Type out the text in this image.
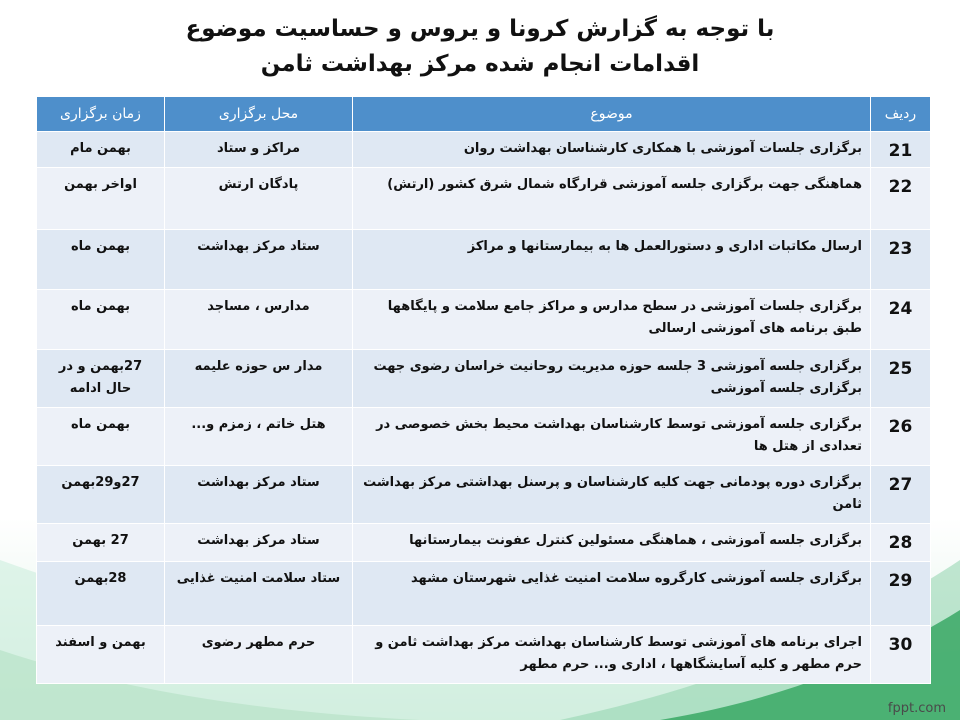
با توجه به گزارش کرونا و یروس و حساسیت موضوع
اقدامات انجام شده مرکز بهداشت ثامن
ردیف	موضوع	محل برگزاری	زمان برگزاری
21	برگزاری جلسات آموزشی با همکاری کارشناسان بهداشت روان	مراکز و ستاد	بهمن مام
22	هماهنگی جهت برگزاری جلسه آموزشی قرارگاه شمال شرق کشور (ارتش)	پادگان ارتش	اواخر بهمن
23	ارسال مکاتبات اداری و دستورالعمل ها به بیمارستانها و مراکز	ستاد مرکز بهداشت	بهمن ماه
24	برگزاری جلسات آموزشی در سطح مدارس و مراکز جامع سلامت و پایگاهها طبق برنامه های آموزشی ارسالی	مدارس ، مساجد	بهمن ماه
25	برگزاری جلسه آموزشی 3 جلسه حوزه مدیریت روحانیت خراسان رضوی جهت برگزاری جلسه آموزشی	مدار س حوزه علیمه	27بهمن و در حال ادامه
26	برگزاری جلسه آموزشی توسط کارشناسان بهداشت محیط بخش خصوصی در تعدادی از هتل ها	هتل خاتم ، زمزم و...	بهمن ماه
27	برگزاری دوره پودمانی جهت کلیه کارشناسان و پرسنل بهداشتی مرکز بهداشت ثامن	ستاد مرکز بهداشت	27و29بهمن
28	برگزاری جلسه آموزشی ، هماهنگی مسئولین کنترل عفونت بیمارستانها	ستاد مرکز بهداشت	27 بهمن
29	برگزاری جلسه آموزشی کارگروه سلامت امنیت غذایی شهرستان مشهد	ستاد سلامت امنیت غذایی	28بهمن
30	اجرای برنامه های آموزشی توسط کارشناسان بهداشت مرکز بهداشت ثامن و حرم مطهر و کلیه آسایشگاهها ، اداری و... حرم مطهر	حرم مطهر رضوی	بهمن و اسفند
fppt.com
